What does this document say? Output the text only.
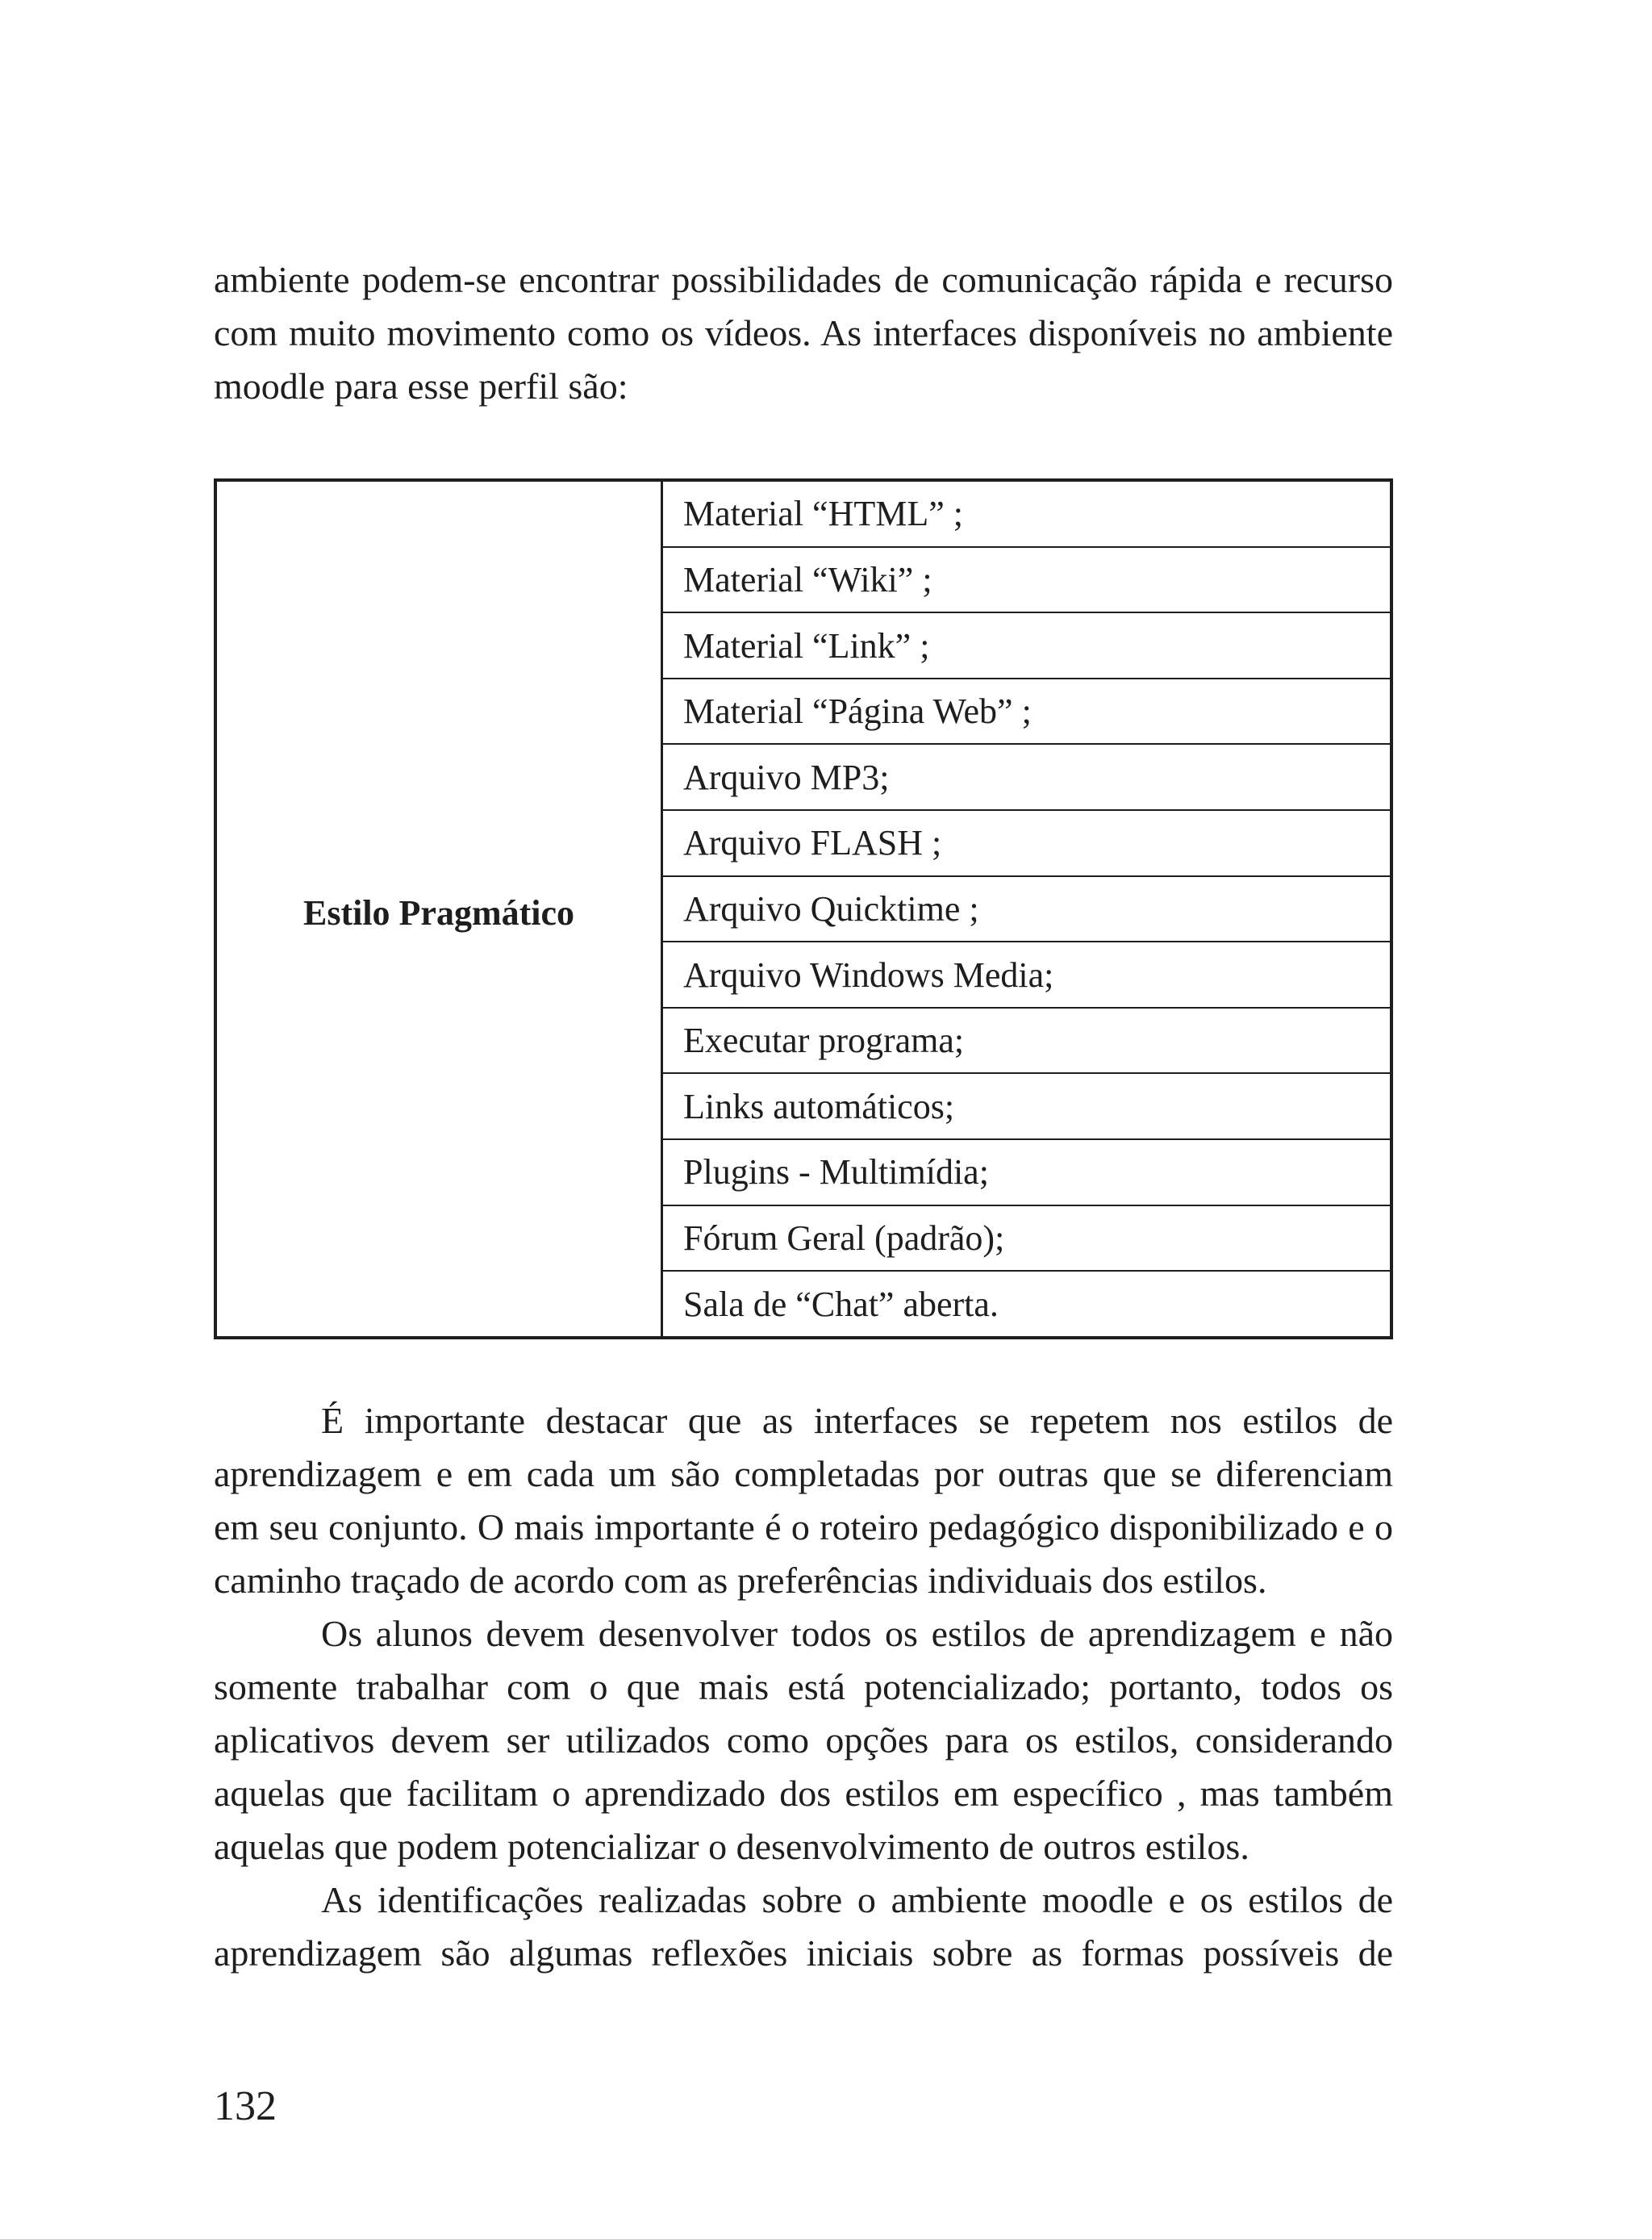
ambiente podem-se encontrar possibilidades de comunicação rápida e recurso
com muito movimento como os vídeos. As interfaces disponíveis no ambiente
moodle para esse perfil são:
Estilo Pragmático
Material “HTML” ;
Material “Wiki” ;
Material “Link” ;
Material “Página Web” ;
Arquivo MP3;
Arquivo FLASH ;
Arquivo Quicktime ;
Arquivo Windows Media;
Executar programa;
Links automáticos;
Plugins - Multimídia;
Fórum Geral (padrão);
Sala de “Chat” aberta.
É importante destacar que as interfaces se repetem nos estilos de
aprendizagem e em cada um são completadas por outras que se diferenciam
em seu conjunto. O mais importante é o roteiro pedagógico disponibilizado e o
caminho traçado de acordo com as preferências individuais dos estilos.
Os alunos devem desenvolver todos os estilos de aprendizagem e não
somente trabalhar com o que mais está potencializado; portanto, todos os
aplicativos devem ser utilizados como opções para os estilos, considerando
aquelas que facilitam o aprendizado dos estilos em específico , mas também
aquelas que podem potencializar o desenvolvimento de outros estilos.
As identificações realizadas sobre o ambiente moodle e os estilos de
aprendizagem são algumas reflexões iniciais sobre as formas possíveis de
132
